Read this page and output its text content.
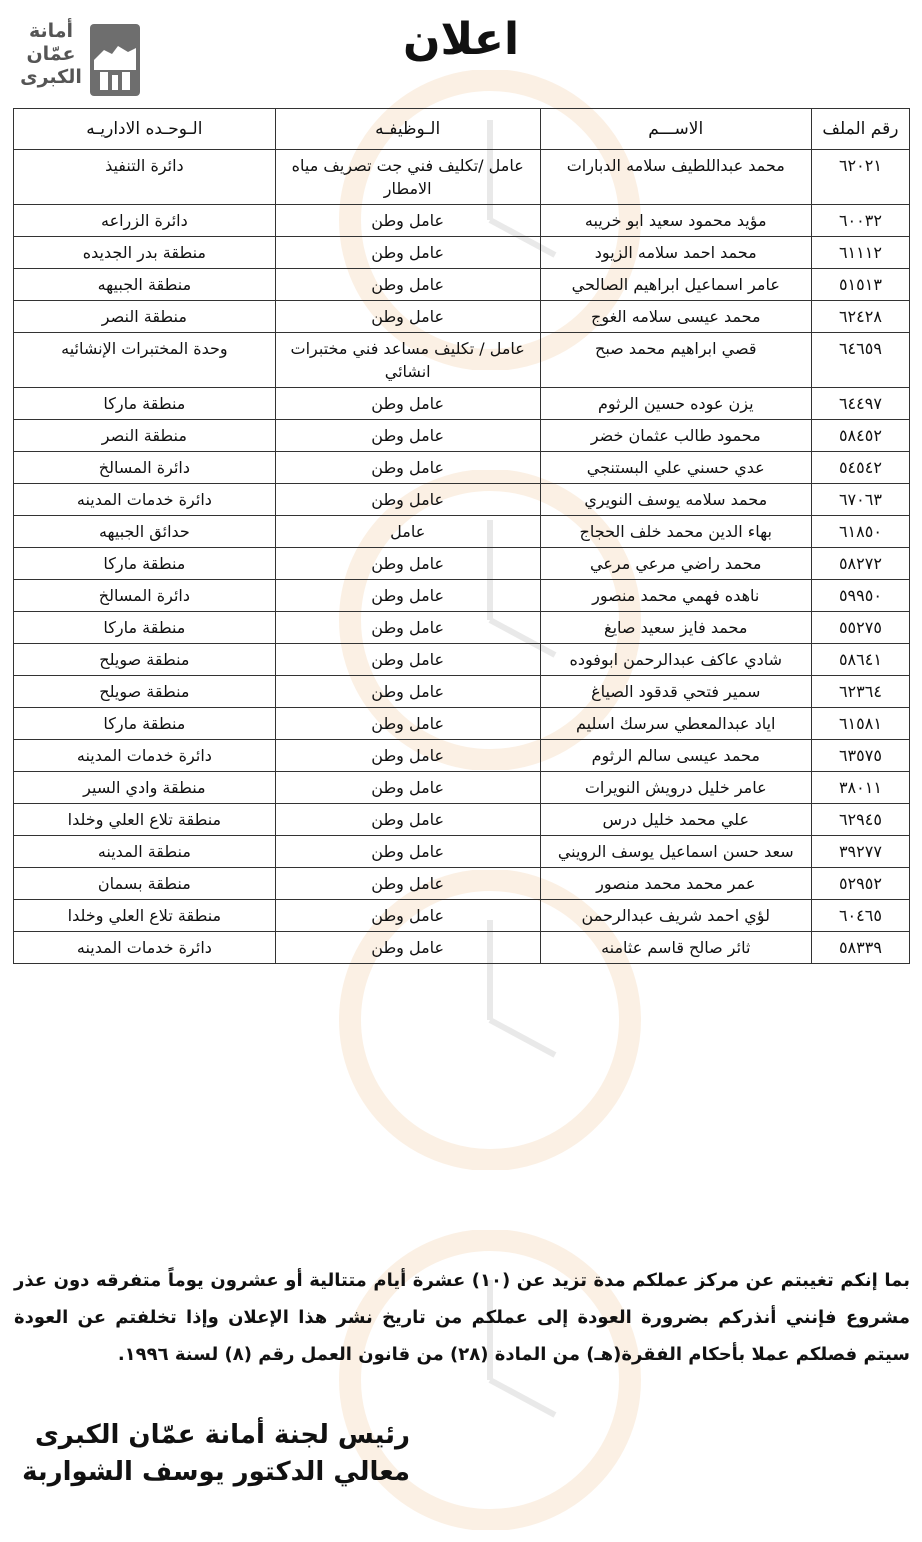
أمانة
عمّان
الكبرى
اعلان
رقم الملف	الاســـم	الـوظيفـه	الـوحـده الاداريـه
٦٢٠٢١	محمد عبداللطيف سلامه الدبارات	عامل /تكليف فني جت تصريف مياه الامطار	دائرة التنفيذ
٦٠٠٣٢	مؤيد محمود سعيد ابو خريبه	عامل وطن	دائرة الزراعه
٦١١١٢	محمد احمد سلامه الزيود	عامل وطن	منطقة بدر الجديده
٥١٥١٣	عامر اسماعيل ابراهيم الصالحي	عامل وطن	منطقة الجبيهه
٦٢٤٢٨	محمد عيسى سلامه الغوج	عامل وطن	منطقة النصر
٦٤٦٥٩	قصي ابراهيم محمد صبح	عامل / تكليف مساعد فني مختبرات انشائي	وحدة المختبرات الإنشائيه
٦٤٤٩٧	يزن عوده حسين الرثوم	عامل وطن	منطقة ماركا
٥٨٤٥٢	محمود طالب عثمان خضر	عامل وطن	منطقة النصر
٥٤٥٤٢	عدي حسني علي البستنجي	عامل وطن	دائرة المسالخ
٦٧٠٦٣	محمد سلامه يوسف النويري	عامل وطن	دائرة خدمات المدينه
٦١٨٥٠	بهاء الدين محمد خلف الحجاج	عامل	حدائق الجبيهه
٥٨٢٧٢	محمد راضي مرعي مرعي	عامل وطن	منطقة ماركا
٥٩٩٥٠	ناهده فهمي محمد منصور	عامل وطن	دائرة المسالخ
٥٥٢٧٥	محمد فايز سعيد صايغ	عامل وطن	منطقة ماركا
٥٨٦٤١	شادي عاكف عبدالرحمن ابوفوده	عامل وطن	منطقة صويلح
٦٢٣٦٤	سمير فتحي قدقود الصياغ	عامل وطن	منطقة صويلح
٦١٥٨١	اياد عبدالمعطي سرسك اسليم	عامل وطن	منطقة ماركا
٦٣٥٧٥	محمد عيسى سالم الرثوم	عامل وطن	دائرة خدمات المدينه
٣٨٠١١	عامر خليل درويش النويرات	عامل وطن	منطقة وادي السير
٦٢٩٤٥	علي محمد خليل درس	عامل وطن	منطقة تلاع العلي وخلدا
٣٩٢٧٧	سعد حسن اسماعيل يوسف الرويني	عامل وطن	منطقة المدينه
٥٢٩٥٢	عمر محمد محمد منصور	عامل وطن	منطقة بسمان
٦٠٤٦٥	لؤي احمد شريف عبدالرحمن	عامل وطن	منطقة تلاع العلي وخلدا
٥٨٣٣٩	ثائر صالح قاسم عثامنه	عامل وطن	دائرة خدمات المدينه
بما إنكم تغيبتم عن مركز عملكم مدة تزيد عن (١٠) عشرة أيام متتالية أو عشرون يوماً متفرقه دون عذر مشروع فإنني أنذركم بضرورة العودة إلى عملكم من تاريخ نشر هذا الإعلان وإذا تخلفتم عن العودة سيتم فصلكم عملا بأحكام الفقرة(هـ) من المادة (٢٨) من قانون العمل رقم (٨) لسنة ١٩٩٦.
رئيس لجنة أمانة عمّان الكبرى
معالي الدكتور يوسف الشواربة
